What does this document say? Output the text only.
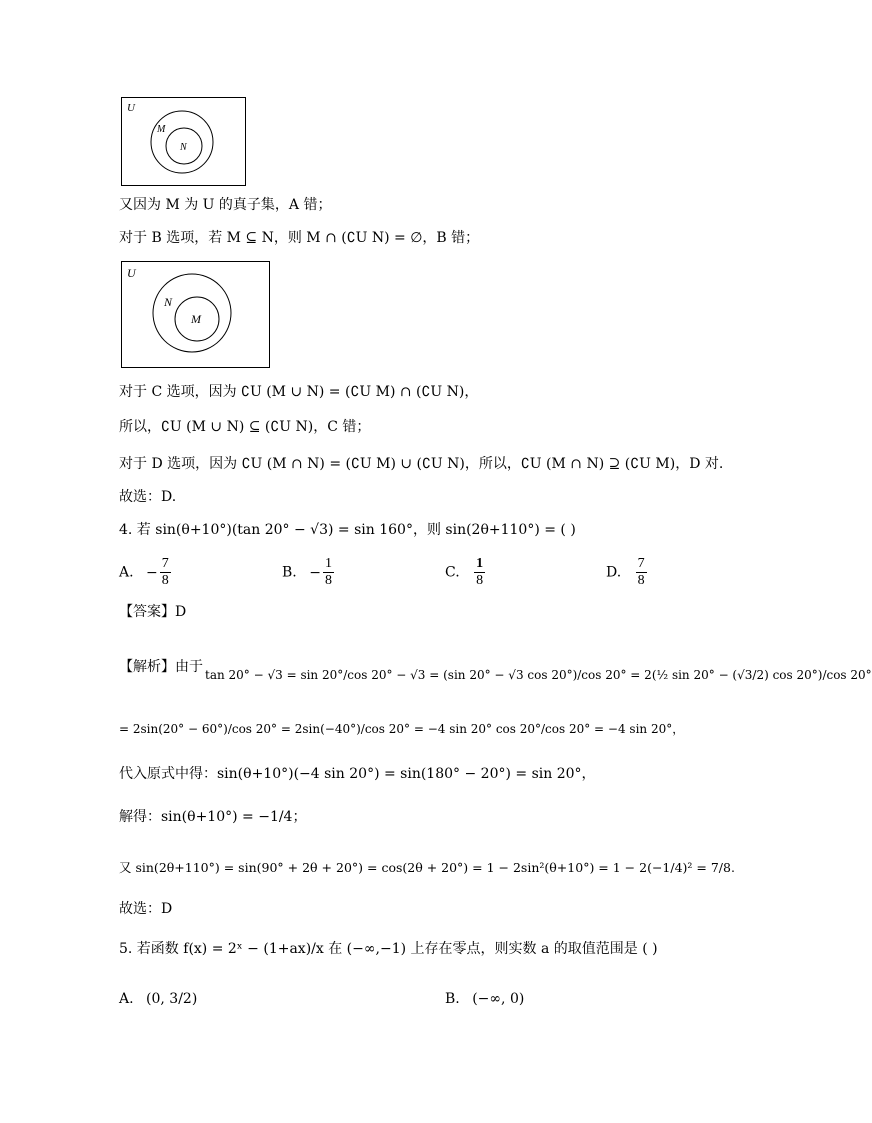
U
M
N
又因为 M 为 U 的真子集，A 错；
对于 B 选项，若 M ⊆ N，则 M ∩ (∁U N) = ∅，B 错；
U
N
M
对于 C 选项，因为 ∁U (M ∪ N) = (∁U M) ∩ (∁U N)，
所以，∁U (M ∪ N) ⊆ (∁U N)，C 错；
对于 D 选项，因为 ∁U (M ∩ N) = (∁U M) ∪ (∁U N)，所以，∁U (M ∩ N) ⊇ (∁U M)，D 对.
故选：D.
4. 若 sin(θ+10°)(tan 20° − √3) = sin 160°，则 sin(2θ+110°) = ( )
A. − $\frac{7}{8}$	B. − $\frac{1}{8}$	C. $\frac{1}{8}$	D. $\frac{7}{8}$
【答案】D
【解析】由于 tan 20° − √3 = sin 20°/cos 20° − √3 = (sin 20° − √3 cos 20°)/cos 20° = 2(½ sin 20° − (√3/2) cos 20°)/cos 20°
= 2sin(20° − 60°)/cos 20° = 2sin(−40°)/cos 20° = −4 sin 20° cos 20°/cos 20° = −4 sin 20°，
代入原式中得：sin(θ+10°)(−4 sin 20°) = sin(180° − 20°) = sin 20°，
解得：sin(θ+10°) = −1/4；
又 sin(2θ+110°) = sin(90° + 2θ + 20°) = cos(2θ + 20°) = 1 − 2sin²(θ+10°) = 1 − 2(−1/4)² = 7/8.
故选：D
5. 若函数 f(x) = 2ˣ − (1+ax)/x 在 (−∞,−1) 上存在零点，则实数 a 的取值范围是 ( )
A. (0, 3/2)	B. (−∞, 0)
